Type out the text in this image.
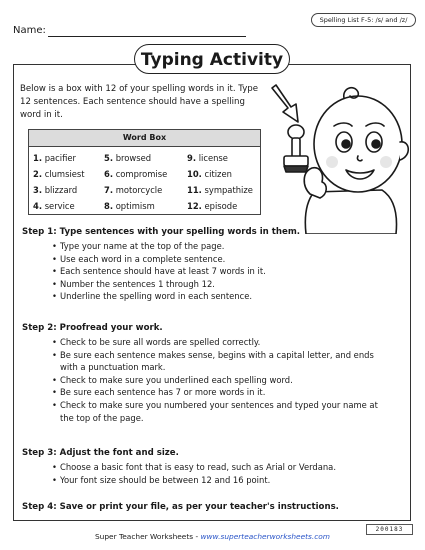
Name:
Spelling List F-5: /s/ and /z/
Typing Activity
Below is a box with 12 of your spelling words in it. Type 12 sentences. Each sentence should have a spelling word in it.
Word Box
1. pacifier
2. clumsiest
3. blizzard
4. service
5. browsed
6. compromise
7. motorcycle
8. optimism
9. license
10. citizen
11. sympathize
12. episode
Step 1: Type sentences with your spelling words in them.
• Type your name at the top of the page.
• Use each word in a complete sentence.
• Each sentence should have at least 7 words in it.
• Number the sentences 1 through 12.
• Underline the spelling word in each sentence.
Step 2: Proofread your work.
• Check to be sure all words are spelled correctly.
• Be sure each sentence makes sense, begins with a capital letter, and ends with a punctuation mark.
• Check to make sure you underlined each spelling word.
• Be sure each sentence has 7 or more words in it.
• Check to make sure you numbered your sentences and typed your name at the top of the page.
Step 3: Adjust the font and size.
• Choose a basic font that is easy to read, such as Arial or Verdana.
• Your font size should be between 12 and 16 point.
Step 4: Save or print your file, as per your teacher's instructions.
200183
Super Teacher Worksheets - www.superteacherworksheets.com
